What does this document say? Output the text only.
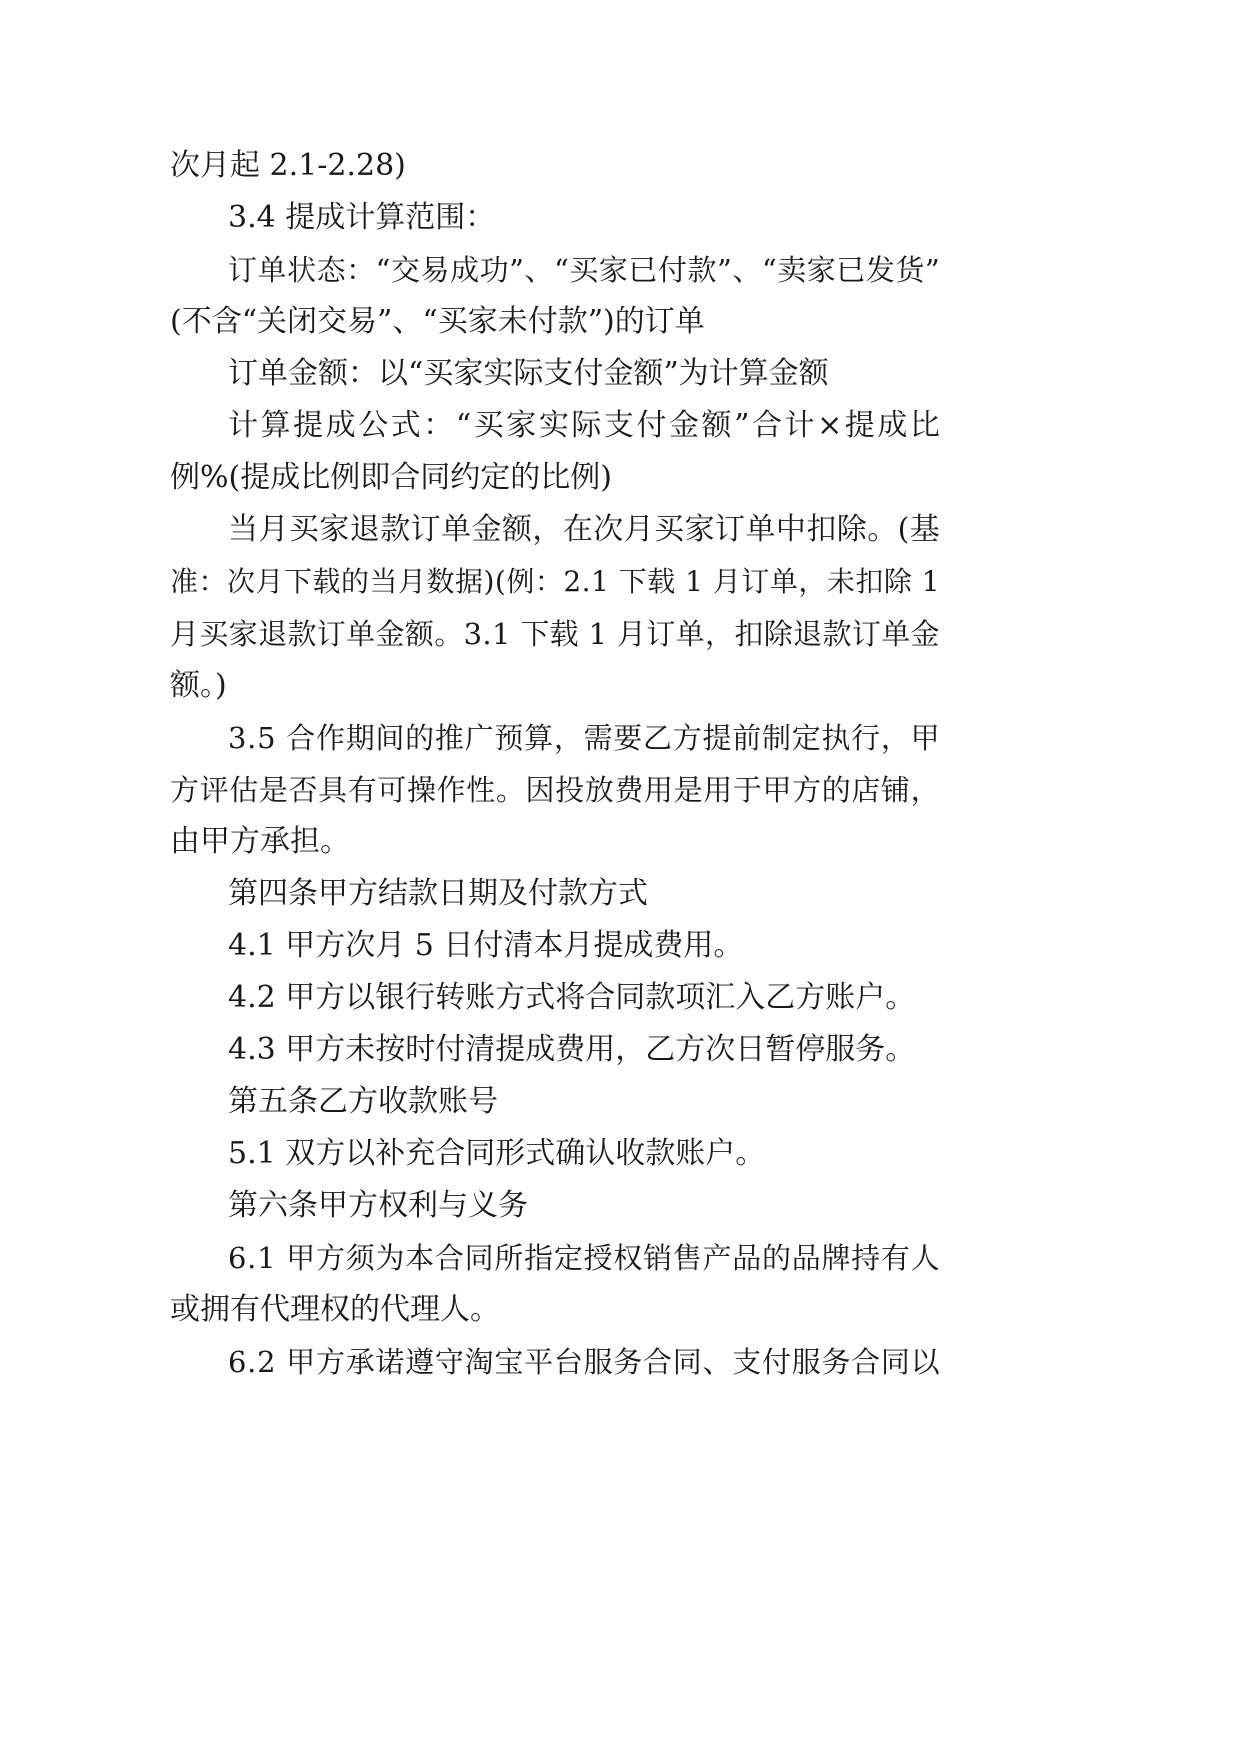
次月起 2.1-2.28)
3.4 提成计算范围：
订 单 状 态 ： “ 交 易 成 功 ” 、 “ 买 家 已 付 款 ” 、 “ 卖 家 已 发 货 ”
(不含“关闭交易”、“买家未付款”)的订单
订单金额：以“买家实际支付金额”为计算金额
计 算 提 成 公 式 ： “ 买 家 实 际 支 付 金 额 ” 合 计 × 提 成 比
例%(提成比例即合同约定的比例)
当 月 买 家 退 款 订 单 金 额 ， 在 次 月 买 家 订 单 中 扣 除 。 ( 基
准 ： 次 月 下 载 的 当 月 数 据 ) ( 例 ： 2 . 1
下 载
1
月 订 单 ， 未 扣 除
1
月 买 家 退 款 订 单 金 额 。 3 . 1
下 载
1
月 订 单 ， 扣 除 退 款 订 单 金
额。)
3 . 5
合 作 期 间 的 推 广 预 算 ， 需 要 乙 方 提 前 制 定 执 行 ， 甲
方 评 估 是 否 具 有 可 操 作 性 。 因 投 放 费 用 是 用 于 甲 方 的 店 铺 ，
由甲方承担。
第四条甲方结款日期及付款方式
4.1 甲方次月 5 日付清本月提成费用。
4.2 甲方以银行转账方式将合同款项汇入乙方账户。
4.3 甲方未按时付清提成费用，乙方次日暂停服务。
第五条乙方收款账号
5.1 双方以补充合同形式确认收款账户。
第六条甲方权利与义务
6 . 1
甲 方 须 为 本 合 同 所 指 定 授 权 销 售 产 品 的 品 牌 持 有 人
或拥有代理权的代理人。
6 . 2
甲 方 承 诺 遵 守 淘 宝 平 台 服 务 合 同 、 支 付 服 务 合 同 以
